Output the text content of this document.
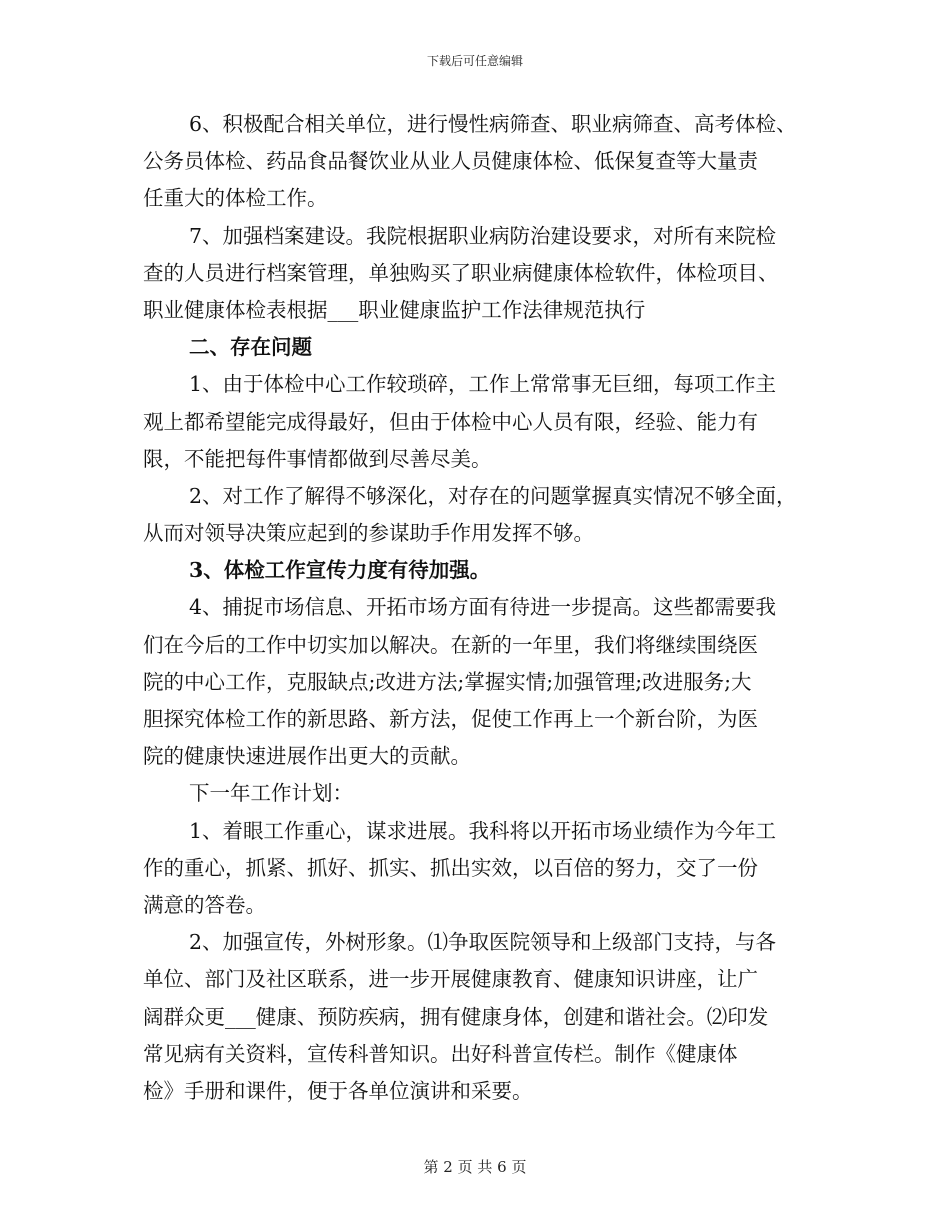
下载后可任意编辑
6、积极配合相关单位，进行慢性病筛查、职业病筛查、高考体检、
公务员体检、药品食品餐饮业从业人员健康体检、低保复查等大量责
任重大的体检工作。
7、加强档案建设。我院根据职业病防治建设要求，对所有来院检
查的人员进行档案管理，单独购买了职业病健康体检软件，体检项目、
职业健康体检表根据___职业健康监护工作法律规范执行
二、存在问题
1、由于体检中心工作较琐碎，工作上常常事无巨细，每项工作主
观上都希望能完成得最好，但由于体检中心人员有限，经验、能力有
限，不能把每件事情都做到尽善尽美。
2、对工作了解得不够深化，对存在的问题掌握真实情况不够全面，
从而对领导决策应起到的参谋助手作用发挥不够。
3、体检工作宣传力度有待加强。
4、捕捉市场信息、开拓市场方面有待进一步提高。这些都需要我
们在今后的工作中切实加以解决。在新的一年里，我们将继续围绕医
院的中心工作，克服缺点;改进方法;掌握实情;加强管理;改进服务;大
胆探究体检工作的新思路、新方法，促使工作再上一个新台阶，为医
院的健康快速进展作出更大的贡献。
下一年工作计划：
1、着眼工作重心，谋求进展。我科将以开拓市场业绩作为今年工
作的重心，抓紧、抓好、抓实、抓出实效，以百倍的努力，交了一份
满意的答卷。
2、加强宣传，外树形象。⑴争取医院领导和上级部门支持，与各
单位、部门及社区联系，进一步开展健康教育、健康知识讲座，让广
阔群众更___健康、预防疾病，拥有健康身体，创建和谐社会。⑵印发
常见病有关资料，宣传科普知识。出好科普宣传栏。制作《健康体
检》手册和课件，便于各单位演讲和采要。
第 2 页 共 6 页
